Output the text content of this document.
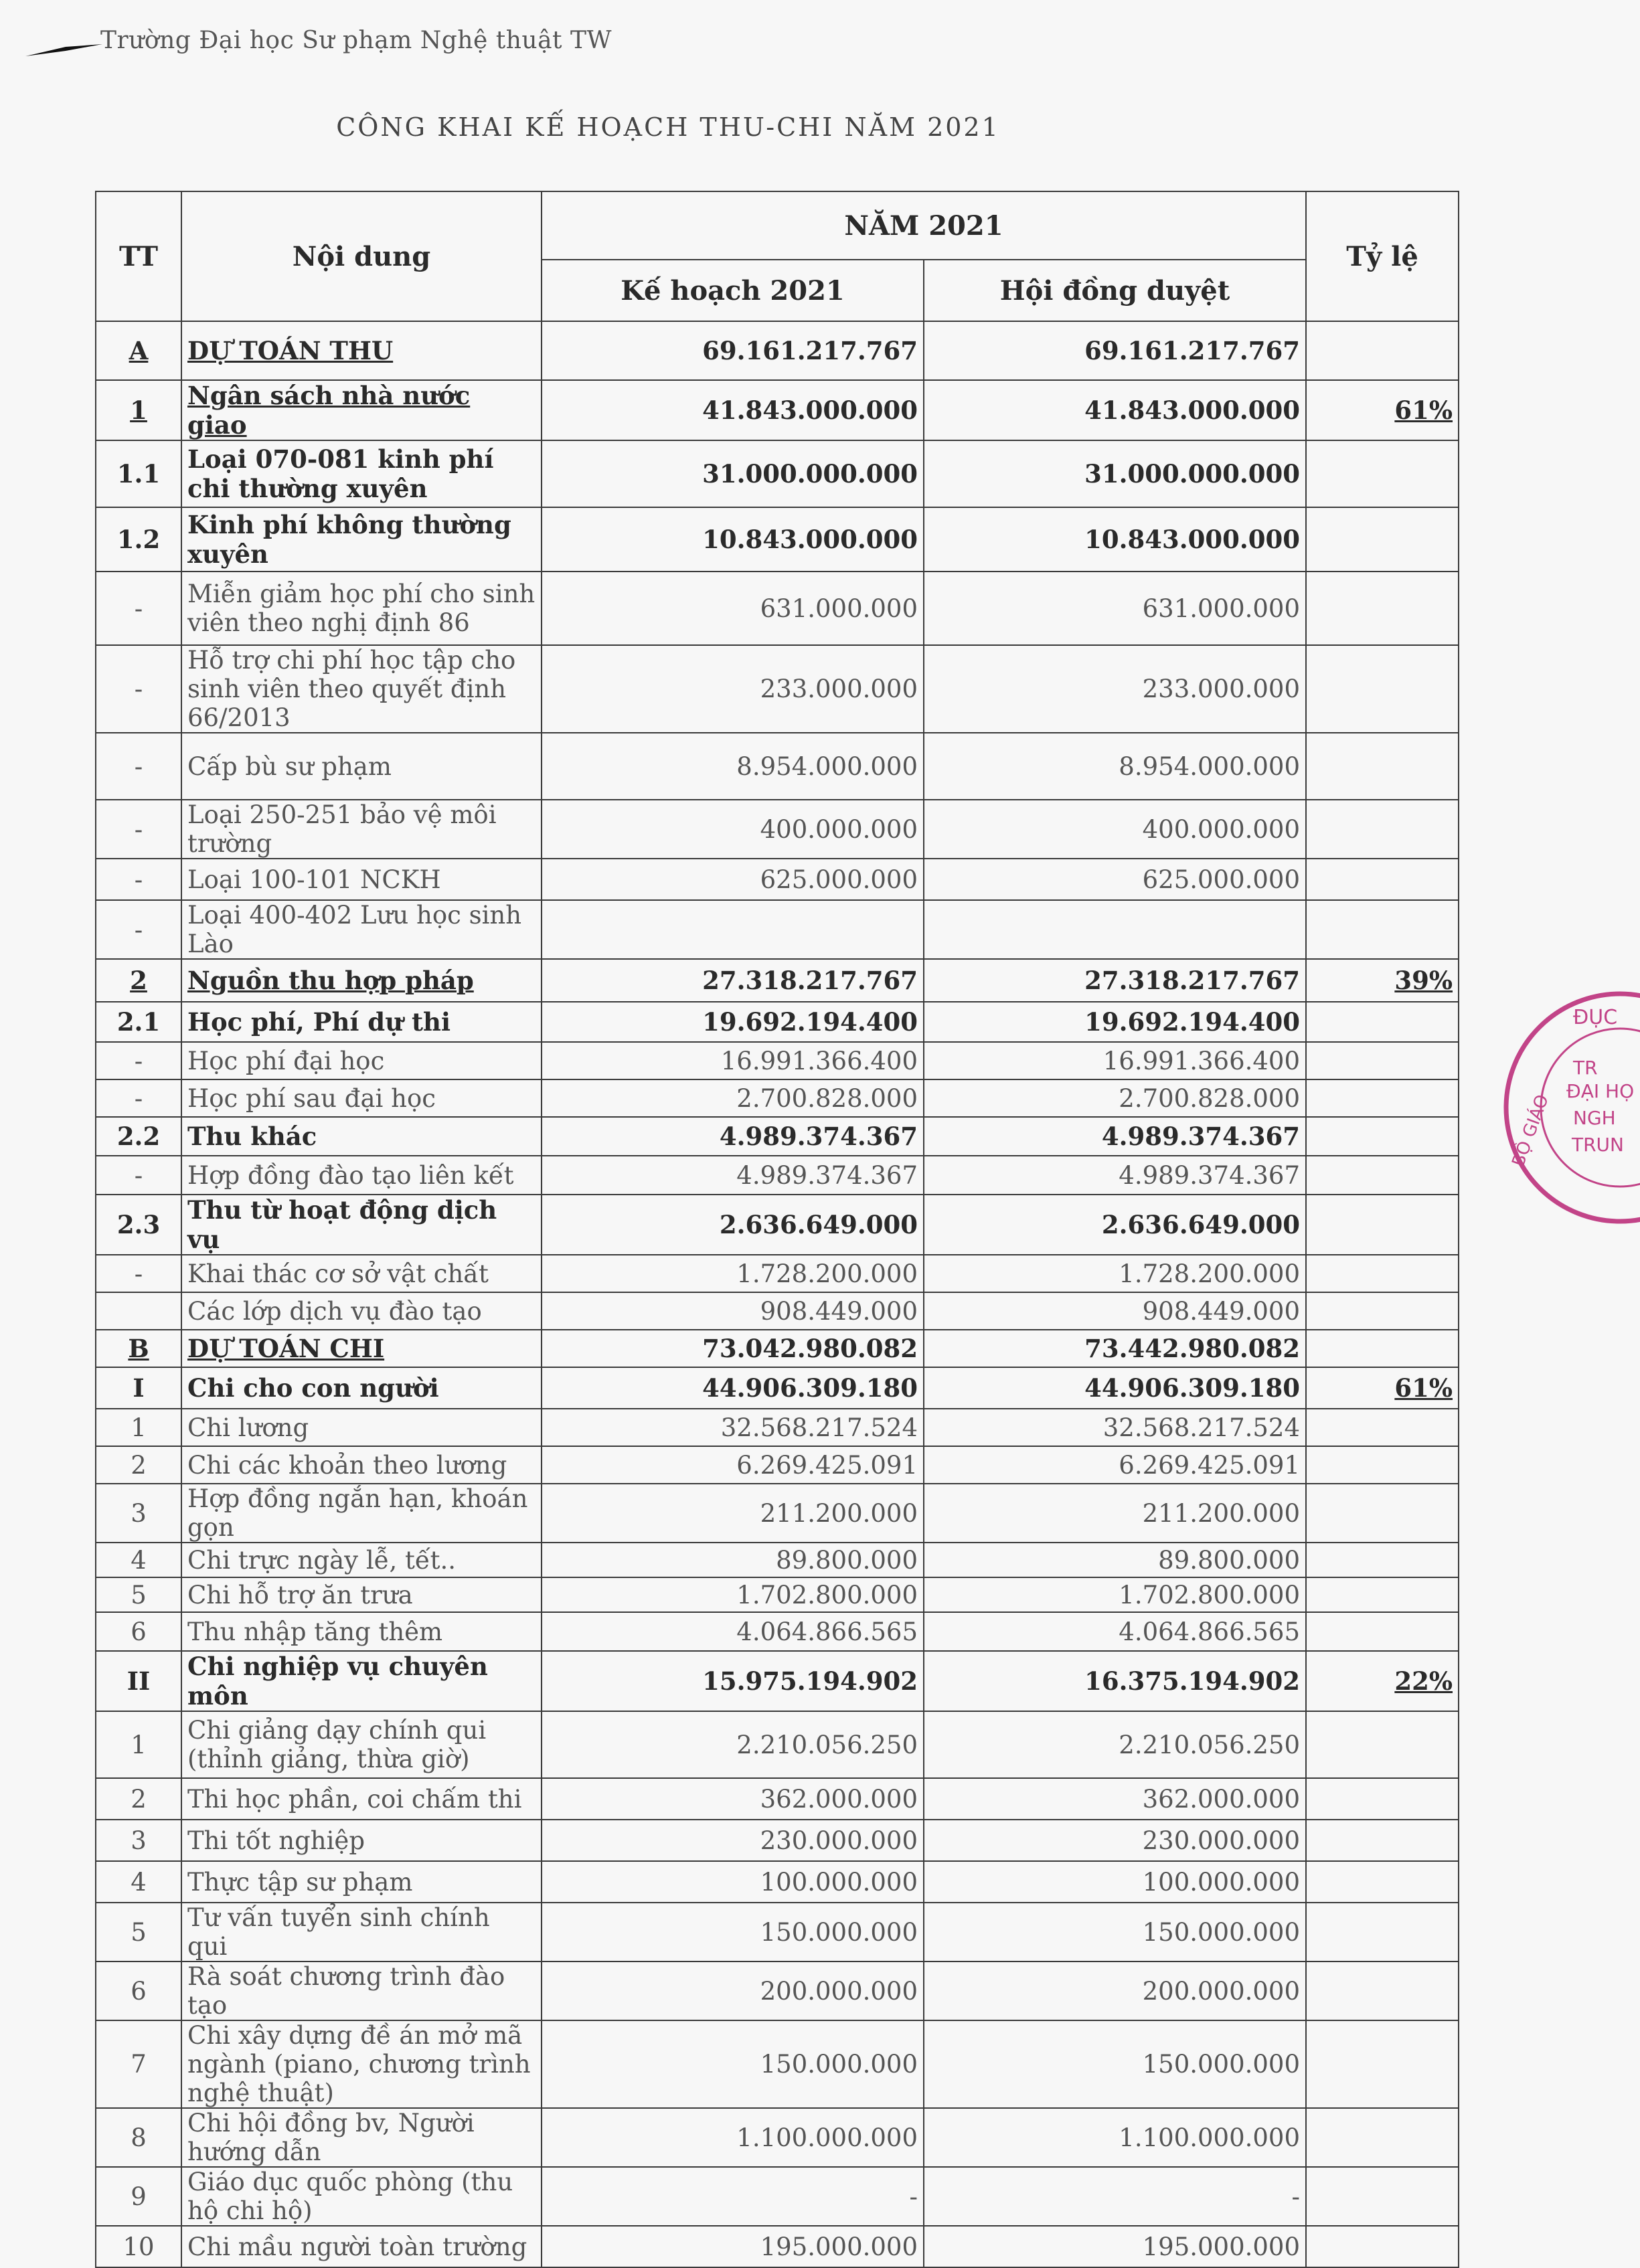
Trường Đại học Sư phạm Nghệ thuật TW
CÔNG KHAI KẾ HOẠCH THU-CHI NĂM 2021
TT	Nội dung	NĂM 2021		Tỷ lệ
		Kế hoạch 2021	Hội đồng duyệt	
A	DỰ TOÁN THU	69.161.217.767	69.161.217.767	
1	Ngân sách nhà nước giao	41.843.000.000	41.843.000.000	61%
1.1	Loại 070-081 kinh phí chi thường xuyên	31.000.000.000	31.000.000.000	
1.2	Kinh phí không thường xuyên	10.843.000.000	10.843.000.000	
-	Miễn giảm học phí cho sinh viên theo nghị định 86	631.000.000	631.000.000	
-	Hỗ trợ chi phí học tập cho sinh viên theo quyết định 66/2013	233.000.000	233.000.000	
-	Cấp bù sư phạm	8.954.000.000	8.954.000.000	
-	Loại 250-251 bảo vệ môi trường	400.000.000	400.000.000	
-	Loại 100-101 NCKH	625.000.000	625.000.000	
-	Loại 400-402 Lưu học sinh Lào			
2	Nguồn thu hợp pháp	27.318.217.767	27.318.217.767	39%
2.1	Học phí, Phí dự thi	19.692.194.400	19.692.194.400	
-	Học phí đại học	16.991.366.400	16.991.366.400	
-	Học phí sau đại học	2.700.828.000	2.700.828.000	
2.2	Thu khác	4.989.374.367	4.989.374.367	
-	Hợp đồng đào tạo liên kết	4.989.374.367	4.989.374.367	
2.3	Thu từ hoạt động dịch vụ	2.636.649.000	2.636.649.000	
-	Khai thác cơ sở vật chất	1.728.200.000	1.728.200.000	
	Các lớp dịch vụ đào tạo	908.449.000	908.449.000	
B	DỰ TOÁN CHI	73.042.980.082	73.442.980.082	
I	Chi cho con người	44.906.309.180	44.906.309.180	61%
1	Chi lương	32.568.217.524	32.568.217.524	
2	Chi các khoản theo lương	6.269.425.091	6.269.425.091	
3	Hợp đồng ngắn hạn, khoán gọn	211.200.000	211.200.000	
4	Chi trực ngày lễ, tết..	89.800.000	89.800.000	
5	Chi hỗ trợ ăn trưa	1.702.800.000	1.702.800.000	
6	Thu nhập tăng thêm	4.064.866.565	4.064.866.565	
II	Chi nghiệp vụ chuyên môn	15.975.194.902	16.375.194.902	22%
1	Chi giảng dạy chính qui (thỉnh giảng, thừa giờ)	2.210.056.250	2.210.056.250	
2	Thi học phần, coi chấm thi	362.000.000	362.000.000	
3	Thi tốt nghiệp	230.000.000	230.000.000	
4	Thực tập sư phạm	100.000.000	100.000.000	
5	Tư vấn tuyển sinh chính qui	150.000.000	150.000.000	
6	Rà soát chương trình đào tạo	200.000.000	200.000.000	
7	Chi xây dựng đề án mở mã ngành (piano, chương trình nghệ thuật)	150.000.000	150.000.000	
8	Chi hội đồng bv, Người hướng dẫn	1.100.000.000	1.100.000.000	
9	Giáo dục quốc phòng (thu hộ chi hộ)	-	-	
10	Chi mầu người toàn trường	195.000.000	195.000.000	
ĐỤC
BỘ GIÁO
TR
ĐẠI HỌ
NGH
TRUN
